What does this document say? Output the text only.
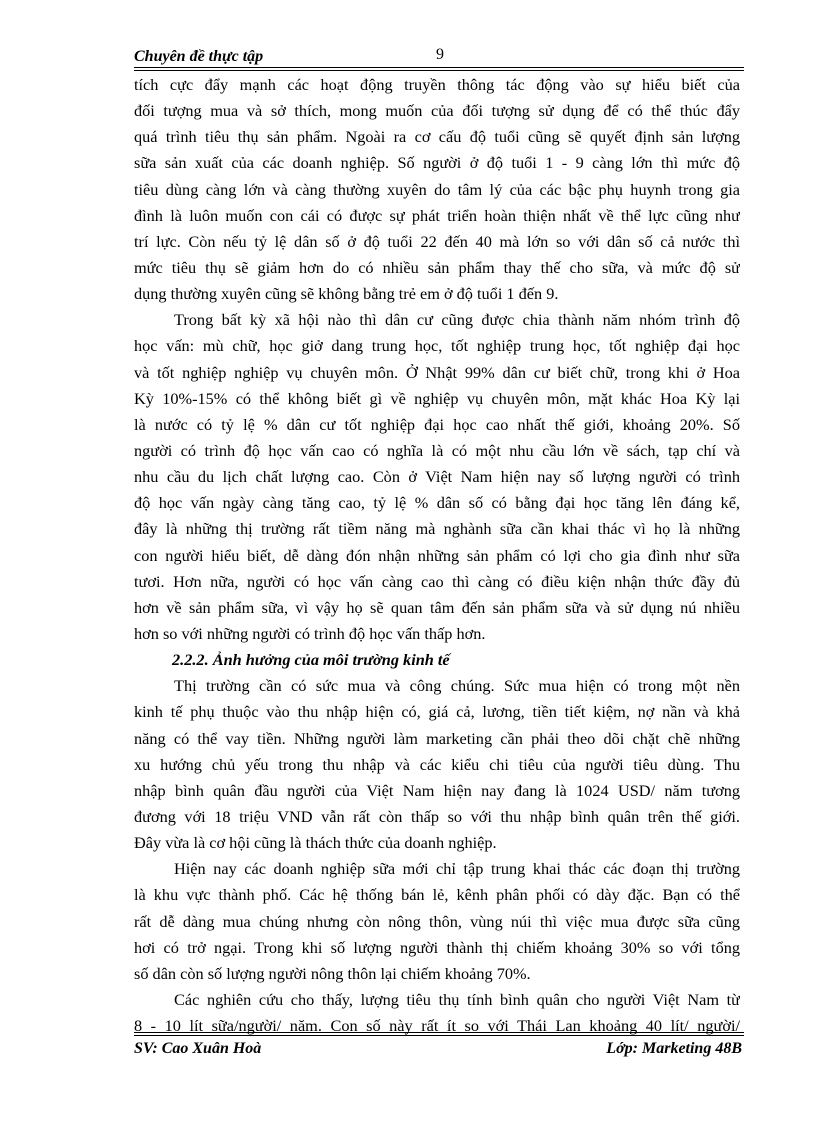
Chuyên đề thực tập	9
tích cực đẩy mạnh các hoạt động truyền thông tác động vào sự hiểu biết của
đối tượng mua và sở thích, mong muốn của đối tượng sử dụng để có thể thúc đẩy
quá trình tiêu thụ sản phẩm. Ngoài ra cơ cấu độ tuổi cũng sẽ quyết định sản lượng
sữa sản xuất của các doanh nghiệp. Số người ở độ tuổi 1 - 9 càng lớn thì mức độ
tiêu dùng càng lớn và càng thường xuyên do tâm lý của các bậc phụ huynh trong gia
đình là luôn muốn con cái có được sự phát triển hoàn thiện nhất về thể lực cũng như
trí lực. Còn nếu tỷ lệ dân số ở độ tuổi 22 đến 40 mà lớn so với dân số cả nước thì
mức tiêu thụ sẽ giảm hơn do có nhiều sản phẩm thay thế cho sữa, và mức độ sử
dụng thường xuyên cũng sẽ không bằng trẻ em ở độ tuổi 1 đến 9.
Trong bất kỳ xã hội nào thì dân cư cũng được chia thành năm nhóm trình độ
học vấn: mù chữ, học giở dang trung học, tốt nghiệp trung học, tốt nghiệp đại học
và tốt nghiệp nghiệp vụ chuyên môn. Ở Nhật 99% dân cư biết chữ, trong khi ở Hoa
Kỳ 10%-15% có thể không biết gì về nghiệp vụ chuyên môn, mặt khác Hoa Kỳ lại
là nước có tỷ lệ % dân cư tốt nghiệp đại học cao nhất thế giới, khoảng 20%. Số
người có trình độ học vấn cao có nghĩa là có một nhu cầu lớn về sách, tạp chí và
nhu cầu du lịch chất lượng cao. Còn ở Việt Nam hiện nay số lượng người có trình
độ học vấn ngày càng tăng cao, tỷ lệ % dân số có bằng đại học tăng lên đáng kể,
đây là những thị trường rất tiềm năng mà nghành sữa cần khai thác vì họ là những
con người hiểu biết, dễ dàng đón nhận những sản phẩm có lợi cho gia đình như sữa
tươi. Hơn nữa, người có học vấn càng cao thì càng có điều kiện nhận thức đầy đủ
hơn về sản phẩm sữa, vì vậy họ sẽ quan tâm đến sản phẩm sữa và sử dụng nú nhiều
hơn so với những người có trình độ học vấn thấp hơn.
2.2.2. Ảnh hưởng của môi trường kinh tế
Thị trường cần có sức mua và công chúng. Sức mua hiện có trong một nền
kinh tế phụ thuộc vào thu nhập hiện có, giá cả, lương, tiền tiết kiệm, nợ nần và khả
năng có thể vay tiền. Những người làm marketing cần phải theo dõi chặt chẽ những
xu hướng chủ yếu trong thu nhập và các kiểu chi tiêu của người tiêu dùng. Thu
nhập bình quân đầu người của Việt Nam hiện nay đang là 1024 USD/ năm tương
đương với 18 triệu VND vẫn rất còn thấp so với thu nhập bình quân trên thế giới.
Đây vừa là cơ hội cũng là thách thức của doanh nghiệp.
Hiện nay các doanh nghiệp sữa mới chỉ tập trung khai thác các đoạn thị trường
là khu vực thành phố. Các hệ thống bán lẻ, kênh phân phối có dày đặc. Bạn có thể
rất dễ dàng mua chúng nhưng còn nông thôn, vùng núi thì việc mua được sữa cũng
hơi có trở ngại. Trong khi số lượng người thành thị chiếm khoảng 30% so với tổng
số dân còn số lượng người nông thôn lại chiếm khoảng 70%.
Các nghiên cứu cho thấy, lượng tiêu thụ tính bình quân cho người Việt Nam từ
8 - 10 lít sữa/người/ năm. Con số này rất ít so với Thái Lan khoảng 40 lít/ người/
SV: Cao Xuân Hoà	Lớp: Marketing 48B
